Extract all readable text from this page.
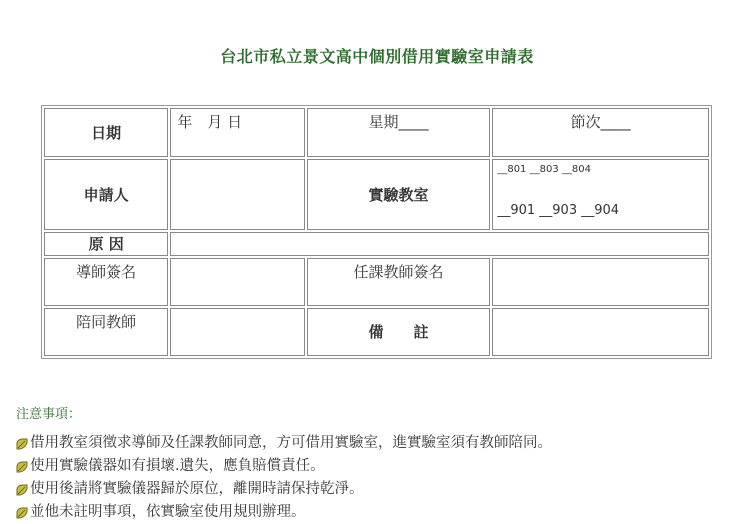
台北市私立景文高中個別借用實驗室申請表
日期	年　月 日	星期____	節次____
申請人		實驗教室	__801 __803 __804
__901 __903 __904

原 因			
導師簽名		任課教師簽名	
陪同教師		備　　註	
注意事項：
借用教室須徵求導師及任課教師同意，方可借用實驗室，進實驗室須有教師陪同。
使用實驗儀器如有損壞.遺失，應負賠償責任。
使用後請將實驗儀器歸於原位，離開時請保持乾淨。
並他未註明事項，依實驗室使用規則辦理。
